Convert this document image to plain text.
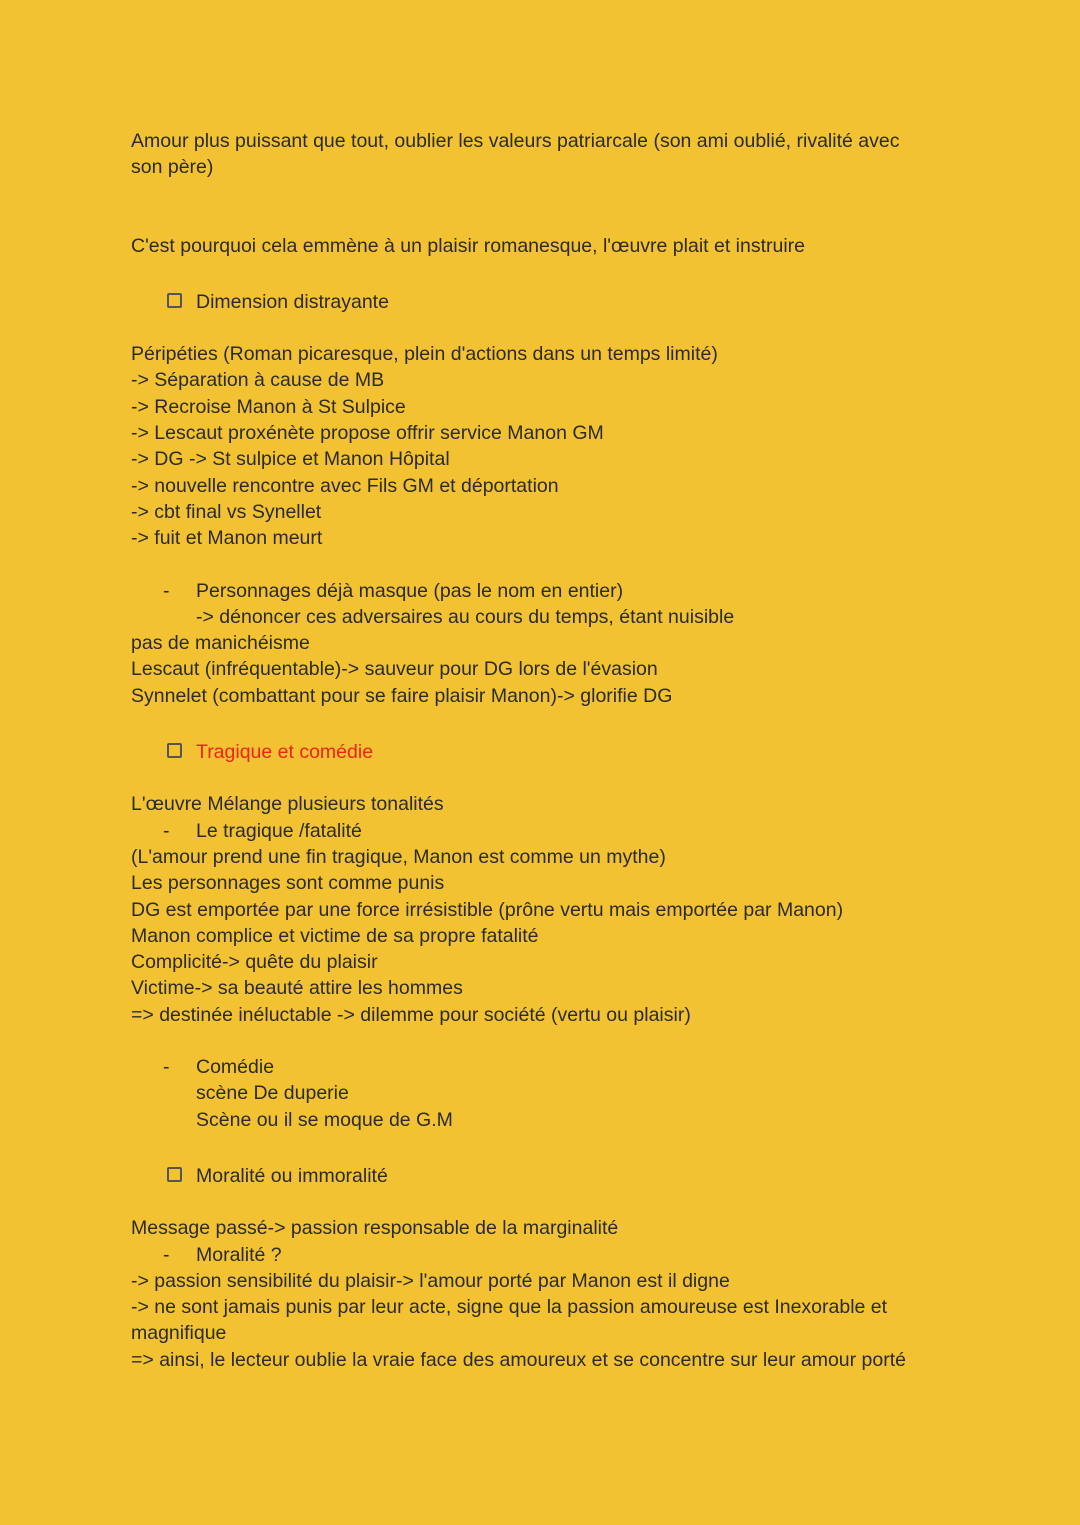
Amour plus puissant que tout, oublier les valeurs patriarcale (son ami oublié, rivalité avec son père)
C'est pourquoi cela emmène à un plaisir romanesque, l'œuvre plait et instruire
Dimension distrayante
Péripéties (Roman picaresque, plein d'actions dans un temps limité)
-> Séparation à cause de MB
-> Recroise Manon à St Sulpice
-> Lescaut proxénète propose offrir service Manon GM
-> DG -> St sulpice et Manon Hôpital
-> nouvelle rencontre avec Fils GM et déportation
-> cbt final vs Synellet
-> fuit et Manon meurt
- Personnages déjà masque (pas le nom en entier)
-> dénoncer ces adversaires au cours du temps, étant nuisible
pas de manichéisme
Lescaut (infréquentable)-> sauveur pour DG lors de l'évasion
Synnelet (combattant pour se faire plaisir Manon)-> glorifie DG
Tragique et comédie
L'œuvre Mélange plusieurs tonalités
- Le tragique /fatalité
(L'amour prend une fin tragique, Manon est comme un mythe)
Les personnages sont comme punis
DG est emportée par une force irrésistible (prône vertu mais emportée par Manon)
Manon complice et victime de sa propre fatalité
Complicité-> quête du plaisir
Victime-> sa beauté attire les hommes
=> destinée inéluctable -> dilemme pour société (vertu ou plaisir)
- Comédie
scène De duperie
Scène ou il se moque de G.M
Moralité ou immoralité
Message passé-> passion responsable de la marginalité
- Moralité ?
-> passion sensibilité du plaisir-> l'amour porté par Manon est il digne
-> ne sont jamais punis par leur acte, signe que la passion amoureuse est Inexorable et magnifique
=> ainsi, le lecteur oublie la vraie face des amoureux et se concentre sur leur amour porté
